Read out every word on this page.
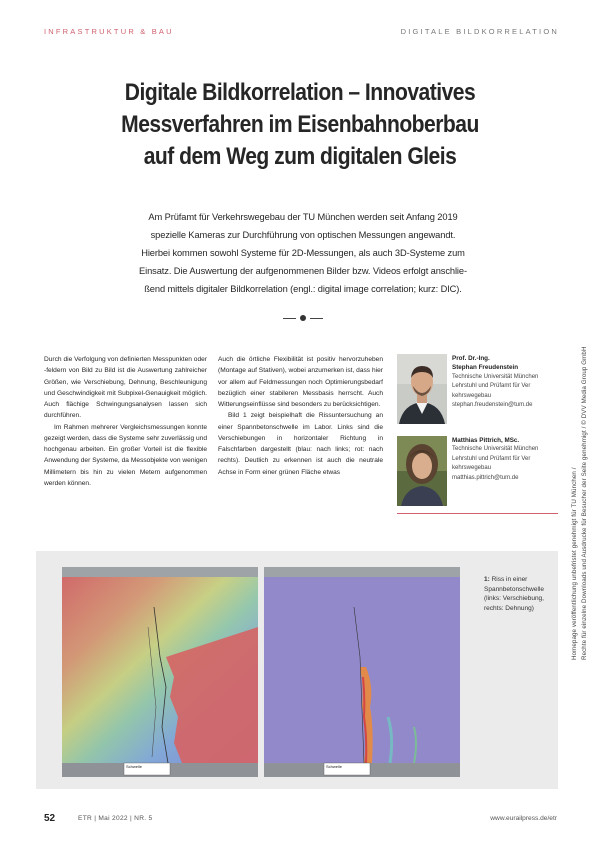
INFRASTRUKTUR & BAU	DIGITALE BILDKORRELATION
Digitale Bildkorrelation – Innovatives
Messverfahren im Eisenbahnoberbau
auf dem Weg zum digitalen Gleis
Am Prüfamt für Verkehrswegebau der TU München werden seit Anfang 2019
spezielle Kameras zur Durchführung von optischen Messungen angewandt.
Hierbei kommen sowohl Systeme für 2D-Messungen, als auch 3D-Systeme zum
Einsatz. Die Auswertung der aufgenommenen Bilder bzw. Videos erfolgt anschlie-
ßend mittels digitaler Bildkorrelation (engl.: digital image correlation; kurz: DIC).

Durch die Verfolgung von definierten Messpunkten oder -feldern von Bild zu Bild ist die Auswertung zahlreicher Größen, wie Verschiebung, Dehnung, Beschleunigung und Geschwindigkeit mit Subpixel-Genauigkeit möglich. Auch flächige Schwingungsanalysen lassen sich durchführen.

Im Rahmen mehrerer Vergleichsmessungen konnte gezeigt werden, dass die Systeme sehr zuverlässig und hochgenau arbeiten. Ein großer Vorteil ist die flexible Anwendung der Systeme, da Messobjekte von wenigen Millimetern bis hin zu vielen Metern aufgenommen werden können.

Auch die örtliche Flexibilität ist positiv hervorzuheben (Montage auf Stativen), wobei anzumerken ist, dass hier vor allem auf Feldmessungen noch Optimierungsbedarf bezüglich einer stabileren Messbasis herrscht. Auch Witterungseinflüsse sind besonders zu berücksichtigen.

Bild 1 zeigt beispielhaft die Rissuntersuchung an einer Spannbetonschwelle im Labor. Links sind die Verschiebungen in horizontaler Richtung in Falschfarben dargestellt (blau: nach links; rot: nach rechts). Deutlich zu erkennen ist auch die neutrale Achse in Form einer grünen Fläche etwas

Prof. Dr.-Ing.
Stephan Freudenstein
Technische Universität München
Lehrstuhl und Prüfamt für Ver
kehrswegebau
stephan.freudenstein@tum.de
Matthias Pittrich, MSc.
Technische Universität München
Lehrstuhl und Prüfamt für Ver
kehrswegebau
matthias.pittrich@tum.de
Schwelle	Schwelle
1: Riss in einer Spannbetonschwelle (links: Verschiebung, rechts: Dehnung)	Homepage veröffentlichung unbefristet genehmigt für TU München / Rechte für einzelne Downloads und Ausdrucke für Besucher der Seite genehmigt / © DVV Media Group GmbH
52	ETR | Mai 2022 | NR. 5	www.eurailpress.de/etr
